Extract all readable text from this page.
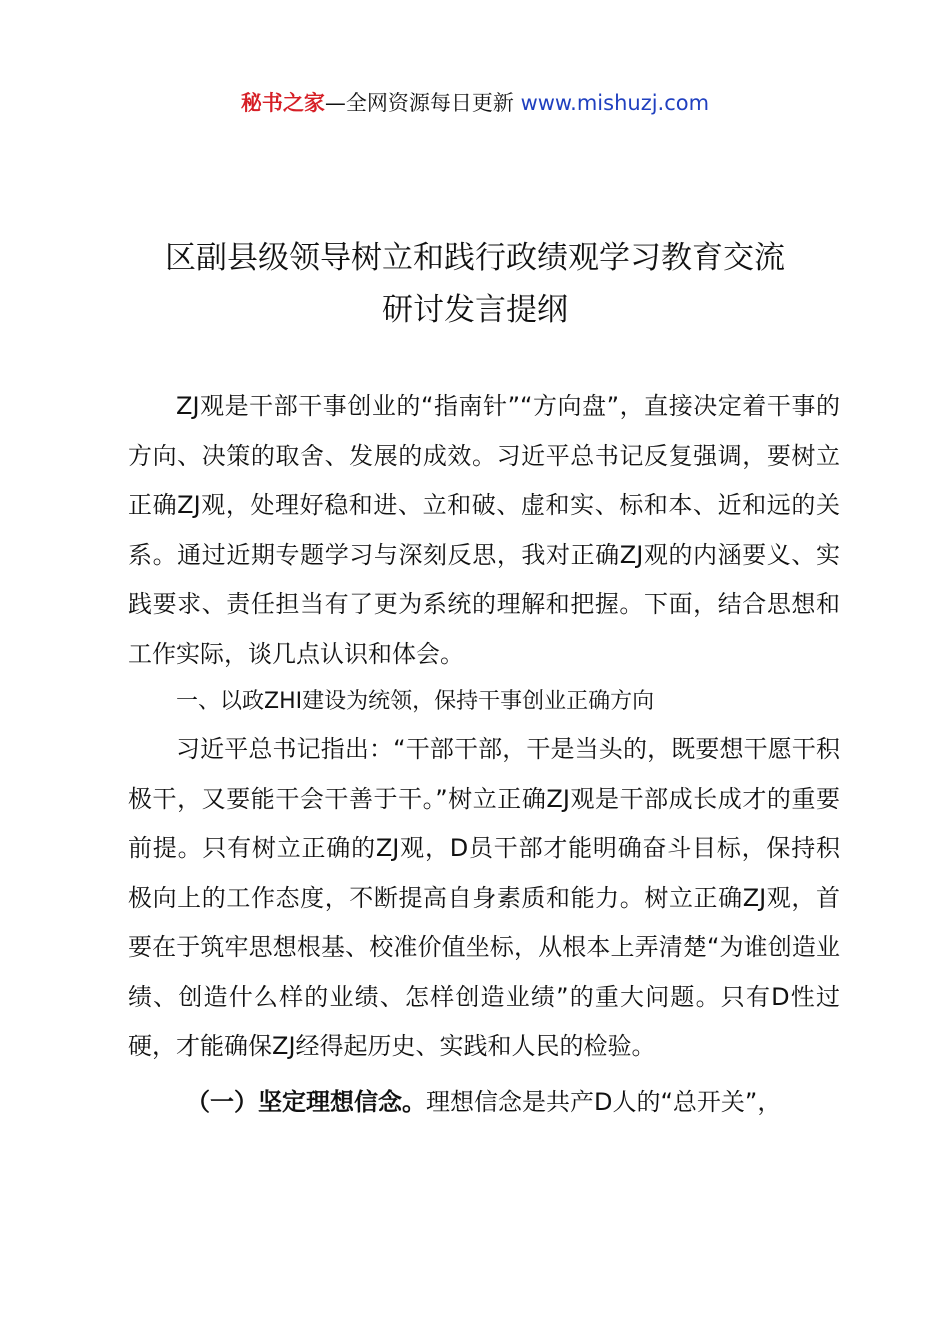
秘书之家—全网资源每日更新 www.mishuzj.com
区副县级领导树立和践行政绩观学习教育交流
研讨发言提纲

ZJ观是干部干事创业的“指南针”“方向盘”，直接决定着干事的方向、决策的取舍、发展的成效。习近平总书记反复强调，要树立正确ZJ观，处理好稳和进、立和破、虚和实、标和本、近和远的关系。通过近期专题学习与深刻反思，我对正确ZJ观的内涵要义、实践要求、责任担当有了更为系统的理解和把握。下面，结合思想和工作实际，谈几点认识和体会。

一、以政ZHI建设为统领，保持干事创业正确方向

习近平总书记指出：“干部干部，干是当头的，既要想干愿干积极干，又要能干会干善于干。”树立正确ZJ观是干部成长成才的重要前提。只有树立正确的ZJ观，D员干部才能明确奋斗目标，保持积极向上的工作态度，不断提高自身素质和能力。树立正确ZJ观，首要在于筑牢思想根基、校准价值坐标，从根本上弄清楚“为谁创造业绩、创造什么样的业绩、怎样创造业绩”的重大问题。只有D性过硬，才能确保ZJ经得起历史、实践和人民的检验。

（一）坚定理想信念。理想信念是共产D人的“总开关”，
